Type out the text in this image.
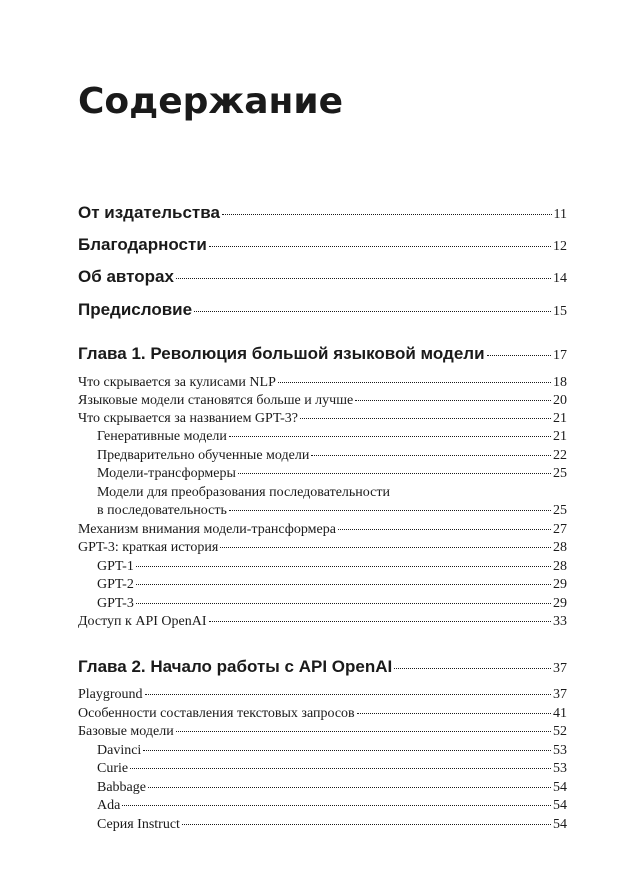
Содержание
От издательства	11
Благодарности	12
Об авторах	14
Предисловие	15
Глава 1. Революция большой языковой модели	17
Что скрывается за кулисами NLP	18
Языковые модели становятся больше и лучше	20
Что скрывается за названием GPT-3?	21
Генеративные модели	21
Предварительно обученные модели	22
Модели-трансформеры	25
Модели для преобразования последовательности
в последовательность	25
Механизм внимания модели-трансформера	27
GPT-3: краткая история	28
GPT-1	28
GPT-2	29
GPT-3	29
Доступ к API OpenAI	33
Глава 2. Начало работы с API OpenAI	37
Playground	37
Особенности составления текстовых запросов	41
Базовые модели	52
Davinci	53
Curie	53
Babbage	54
Ada	54
Серия Instruct	54
